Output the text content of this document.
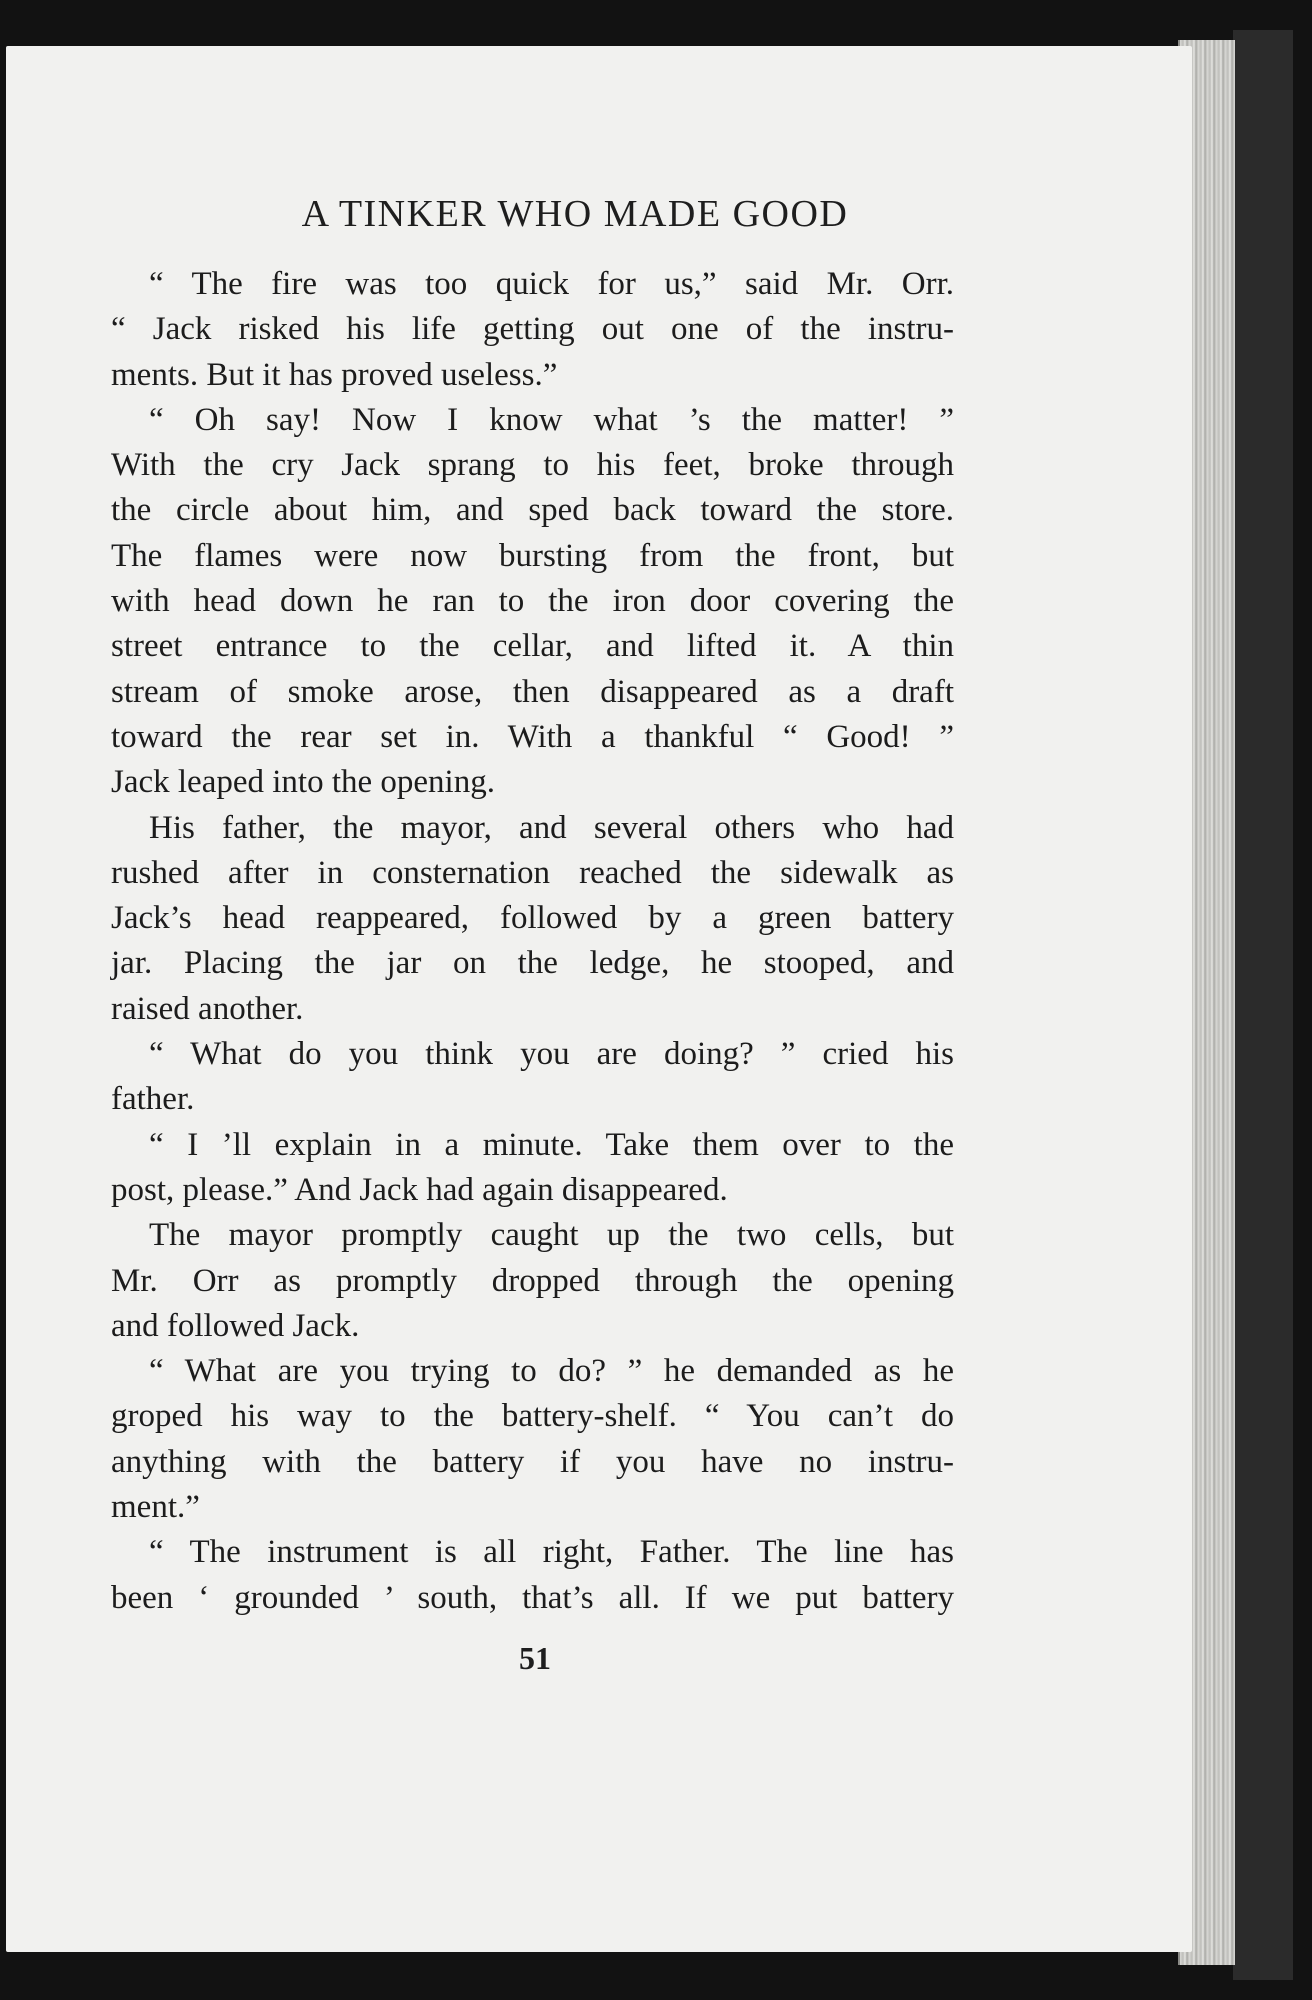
A TINKER WHO MADE GOOD
“ The fire was too quick for us,” said Mr. Orr.
“ Jack risked his life getting out one of the instru-
ments. But it has proved useless.”
“ Oh say! Now I know what ’s the matter! ”
With the cry Jack sprang to his feet, broke through
the circle about him, and sped back toward the store.
The flames were now bursting from the front, but
with head down he ran to the iron door covering the
street entrance to the cellar, and lifted it. A thin
stream of smoke arose, then disappeared as a draft
toward the rear set in. With a thankful “ Good! ”
Jack leaped into the opening.
His father, the mayor, and several others who had
rushed after in consternation reached the sidewalk as
Jack’s head reappeared, followed by a green battery
jar. Placing the jar on the ledge, he stooped, and
raised another.
“ What do you think you are doing? ” cried his
father.
“ I ’ll explain in a minute. Take them over to the
post, please.” And Jack had again disappeared.
The mayor promptly caught up the two cells, but
Mr. Orr as promptly dropped through the opening
and followed Jack.
“ What are you trying to do? ” he demanded as he
groped his way to the battery-shelf. “ You can’t do
anything with the battery if you have no instru-
ment.”
“ The instrument is all right, Father. The line has
been ‘ grounded ’ south, that’s all. If we put battery
51
